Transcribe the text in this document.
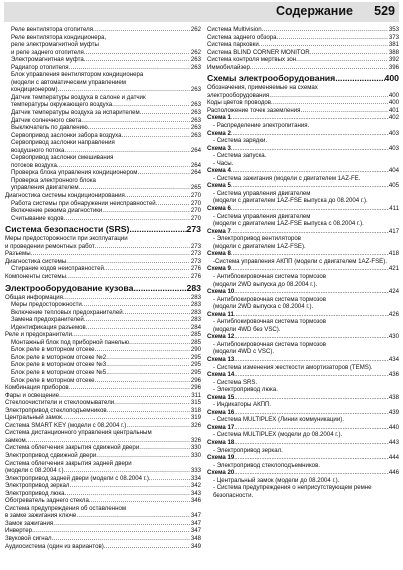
Содержание 529
Реле вентилятора отопителя .....	262
Реле вентилятора кондиционера,
реле электромагнитной муфты
и реле заднего отопителя .....	262
Электромагнитная муфта .....	263
Радиатор отопителя .....	263
Блок управления вентилятором кондиционера
(модели с автоматическим управлением
кондиционером) .....	263
Датчик температуры воздуха в салоне и датчик
температуры окружающего воздуха .....	263
Датчик температуры воздуха за испарителем .....	263
Датчик солнечного света .....	263
Выключатель по давлению .....	263
Сервопривод заслонки забора воздуха .....	263
Сервопривод заслонки направления
воздушного потока .....	264
Сервопривод заслонки смешивания
потоков воздуха .....	264
Проверка блока управления кондиционером .....	264
Проверка электронного блока
управления двигателем .....	265
Диагностика системы кондиционирования .....	270
Работа системы при обнаружении неисправностей .....	270
Включение режима диагностики .....	270
Считывание кодов .....	270
Система безопасности (SRS) .....	273
Меры предосторожности при эксплуатации
и проведении ремонтных работ .....	273
Разъемы .....	273
Диагностика системы .....	273
Стирание кодов неисправностей .....	276
Компоненты системы .....	276
Электрооборудование кузова .....	283
Общая информация .....	283
Меры предосторожности .....	283
Включение тепловых предохранителей .....	283
Замена предохранителей .....	283
Идентификация разъемов .....	284
Реле и предохранители .....	285
Монтажный блок под приборной панелью .....	285
Блок реле в моторном отсеке .....	290
Блок реле в моторном отсеке №2 .....	295
Блок реле в моторном отсеке №3 .....	295
Блок реле в моторном отсеке №5 .....	295
Блок реле в моторном отсеке .....	296
Комбинация приборов .....	296
Фары и освещение .....	311
Стеклоочистители и стеклоомыватели .....	315
Электропривод стеклоподъемников .....	318
Центральный замок .....	319
Система SMART KEY (модели с 08.2004 г.) .....	326
Система дистанционного управления центральным
замком .....	326
Система облегчения закрытия сдвижной двери .....	330
Электропривод сдвижной двери .....	330
Система облегчения закрытия задней двери
(модели с 08.2004 г.) .....	333
Электропривод задней двери (модели с 08.2004 г.) .....	334
Электропривод зеркал .....	342
Электропривод люка .....	343
Обогреватель заднего стекла .....	346
Система предупреждения об оставленном
в замке зажигания ключе .....	347
Замок зажигания .....	347
Инвертер .....	347
Звуковой сигнал .....	348
Аудиосистема (один из вариантов) .....	349
Система Multivision .....	353
Система заднего обзора .....	373
Система парковки .....	381
Система BLIND CORNER MONITOR .....	388
Система контроля мертвых зон .....	392
Иммобилайзер .....	396
Схемы электрооборудования .....	400
Обозначения, применяемые на схемах
электрооборудования .....	400
Коды цветов проводов .....	400
Расположение точек заземления .....	401
Схема 1 .....	402
- Распределение электропитания.
Схема 2 .....	403
- Система зарядки.
Схема 3 .....	403
- Система запуска.
- Часы.
Схема 4 .....	404
- Система зажигания (модели с двигателем 1AZ-FE.
Схема 5 .....	405
- Система управления двигателем
(модели с двигателем 1AZ-FSE выпуска до 08.2004 г.).
Схема 6 .....	411
- Система управления двигателем
(модели с двигателем 1AZ-FSE выпуска с 08.2004 г.).
Схема 7 .....	417
- Электропривод вентиляторов
(модели с двигателем 1AZ-FSE).
Схема 8 .....	418
-Система управления АКПП (модели с двигателем 1AZ-FSE).
Схема 9 .....	421
- Антиблокировочная система тормозов
(модели 2WD выпуска до 08.2004 г.).
Схема 10 .....	424
- Антиблокировочная система тормозов
(модели 2WD выпуска с 08.2004 г.).
Схема 11 .....	426
- Антиблокировочная система тормозов
(модели 4WD без VSC).
Схема 12 .....	430
- Антиблокировочная система тормозов
(модели 4WD с VSC).
Схема 13 .....	434
- Система изменения жесткости амортизаторов (TEMS).
Схема 14 .....	436
- Система SRS.
- Электропривод люка.
Схема 15 .....	438
- Индикаторы АКПП.
Схема 16 .....	439
- Система MULTIPLEX (Линии коммуникации).
Схема 17 .....	440
- Система MULTIPLEX (модели до 08.2004 г.).
Схема 18 .....	443
- Электропривод зеркал.
Схема 19 .....	444
- Электропривод стеклоподъемников.
Схема 20 .....	446
- Центральный замок (модели до 08.2004 г.).
- Система предупреждения о неприсутствующем ремне
безопасности.
